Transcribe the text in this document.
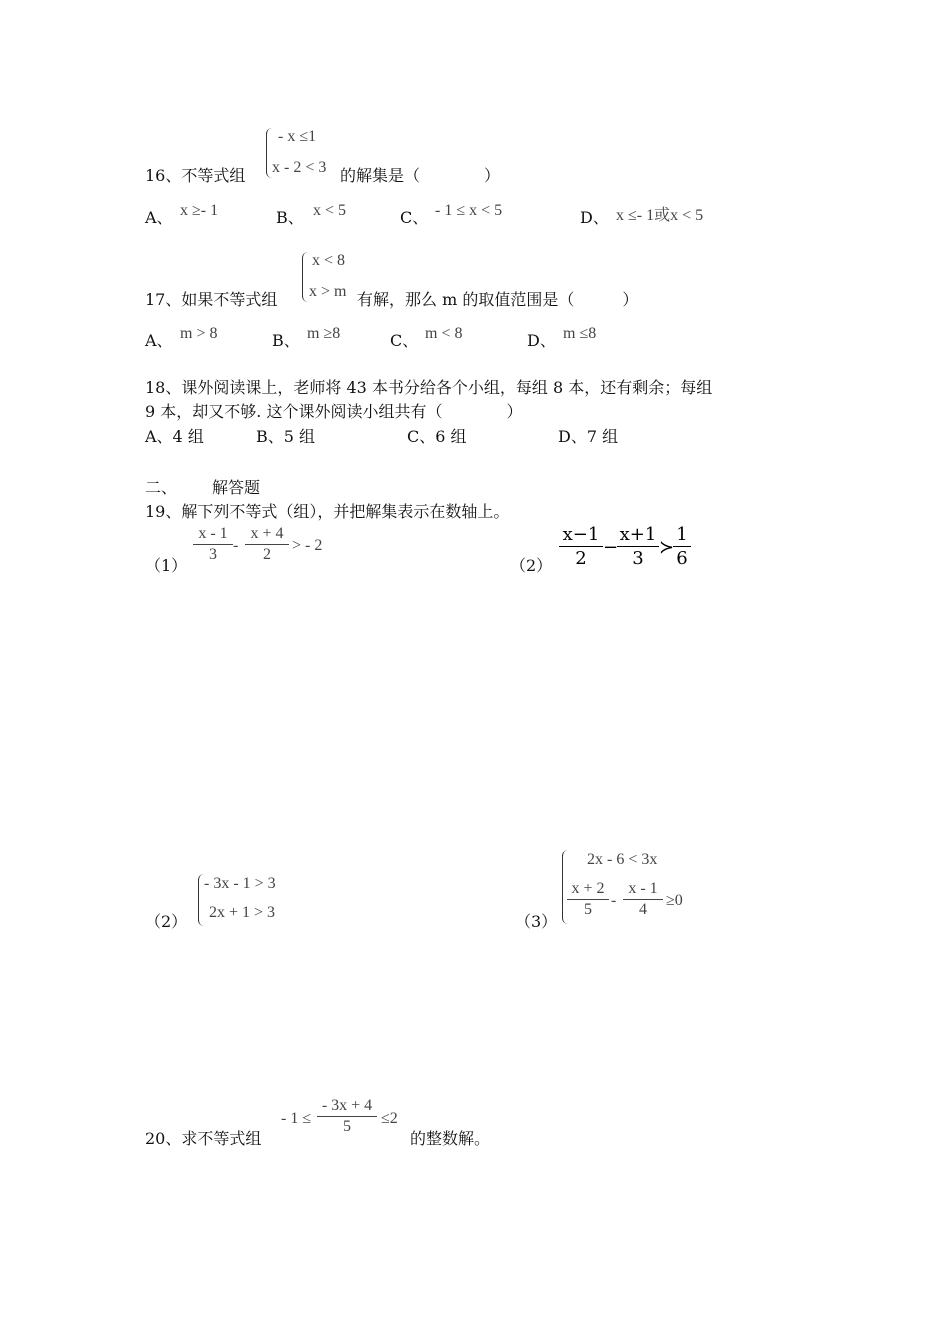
- x ≤1
x - 2 < 3
16、不等式组	的解集是（　　　　）
A、 x ≥- 1	B、 x < 5	C、 - 1 ≤ x < 5	D、 x ≤- 1或x < 5
x < 8
x > m
17、如果不等式组	有解，那么 m 的取值范围是（　　　）
A、 m > 8	B、 m ≥8	C、 m < 8	D、 m ≤8
18、课外阅读课上，老师将 43 本书分给各个小组，每组 8 本，还有剩余；每组
9 本，却又不够. 这个课外阅读小组共有（　　　　）
A、4 组	B、5 组	C、6 组	D、7 组
二、 解答题
19、解下列不等式（组），并把解集表示在数轴上。
（1）
x - 1
3
-
x + 4
2
> - 2
（2）
x−1
2
−
x+1
3
≻
1
6
（2）
- 3x - 1 > 3
2x + 1 > 3	（3）
2x - 6 < 3x
x + 2
5
-
x - 1
4
≥0
20、求不等式组
- 1 ≤
- 3x + 4
5	≤2
的整数解。
